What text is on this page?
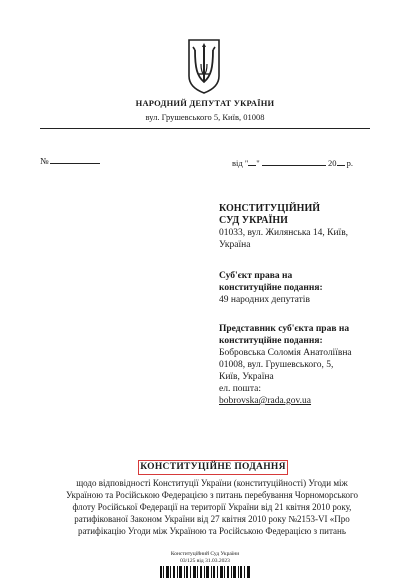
НАРОДНИЙ ДЕПУТАТ УКРАЇНИ
вул. Грушевського 5, Київ, 01008
№	від " "	20 р.
КОНСТИТУЦІЙНИЙ
СУД УКРАЇНИ
01033, вул. Жилянська 14, Київ,
Україна
Суб'єкт права на
конституційне подання:
49 народних депутатів
Представник суб'єкта прав на
конституційне подання:
Бобровська Соломія Анатоліївна
01008, вул. Грушевського, 5,
Київ, Україна
ел. пошта:
bobrovska@rada.gov.ua
КОНСТИТУЦІЙНЕ ПОДАННЯ
щодо відповідності Конституції України (конституційності) Угоди між
Україною та Російською Федерацією з питань перебування Чорноморського
флоту Російської Федерації на території України від 21 квітня 2010 року,
ратифікованої Законом України від 27 квітня 2010 року №2153-VI «Про
ратифікацію Угоди між Україною та Російською Федерацією з питань
Конституційний Суд України
03/125 від 31.03.2023
